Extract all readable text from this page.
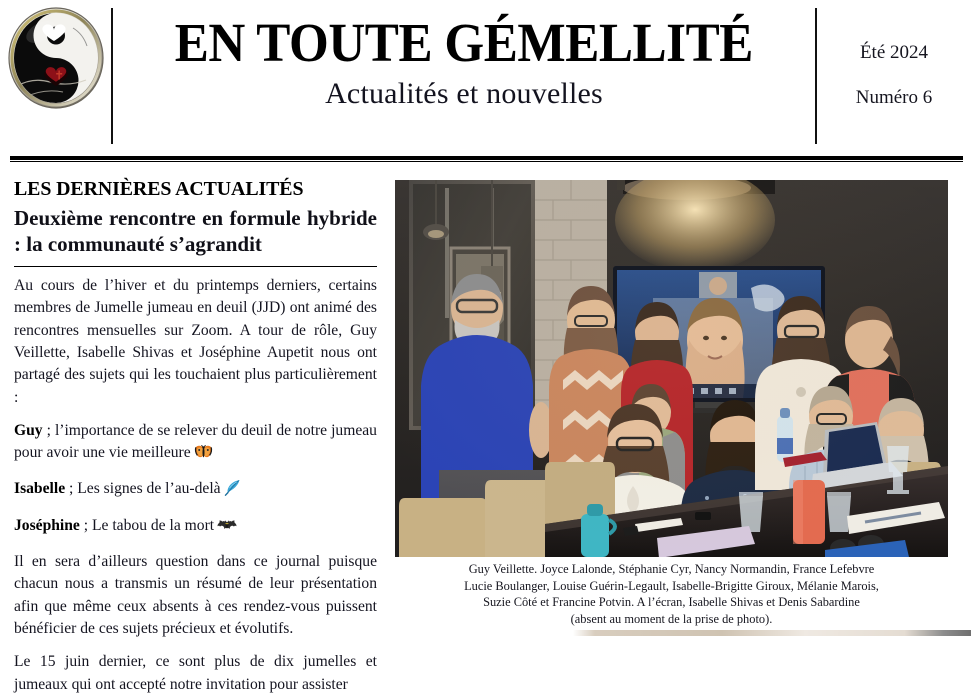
EN TOUTE GÉMELLITÉ
Actualités et nouvelles
Été 2024
Numéro 6
LES DERNIÈRES ACTUALITÉS
Deuxième rencontre en formule hybride : la communauté s’agrandit

Au cours de l’hiver et du printemps derniers, certains membres de Jumelle jumeau en deuil (JJD) ont animé des rencontres mensuelles sur Zoom. A tour de rôle, Guy Veillette, Isabelle Shivas et Joséphine Aupetit nous ont partagé des sujets qui les touchaient plus particulièrement :

Guy ; l’importance de se relever du deuil de notre jumeau pour avoir une vie meilleure

Isabelle ; Les signes de l’au-delà

Joséphine ; Le tabou de la mort

Il en sera d’ailleurs question dans ce journal puisque chacun nous a transmis un résumé de leur présentation afin que même ceux absents à ces rendez-vous puissent bénéficier de ces sujets précieux et évolutifs.

Le 15 juin dernier, ce sont plus de dix jumelles et jumeaux qui ont accepté notre invitation pour assister

Guy Veillette. Joyce Lalonde, Stéphanie Cyr, Nancy Normandin, France Lefebvre
Lucie Boulanger, Louise Guérin-Legault, Isabelle-Brigitte Giroux, Mélanie Marois,
Suzie Côté et Francine Potvin. A l’écran, Isabelle Shivas et Denis Sabardine
(absent au moment de la prise de photo).
